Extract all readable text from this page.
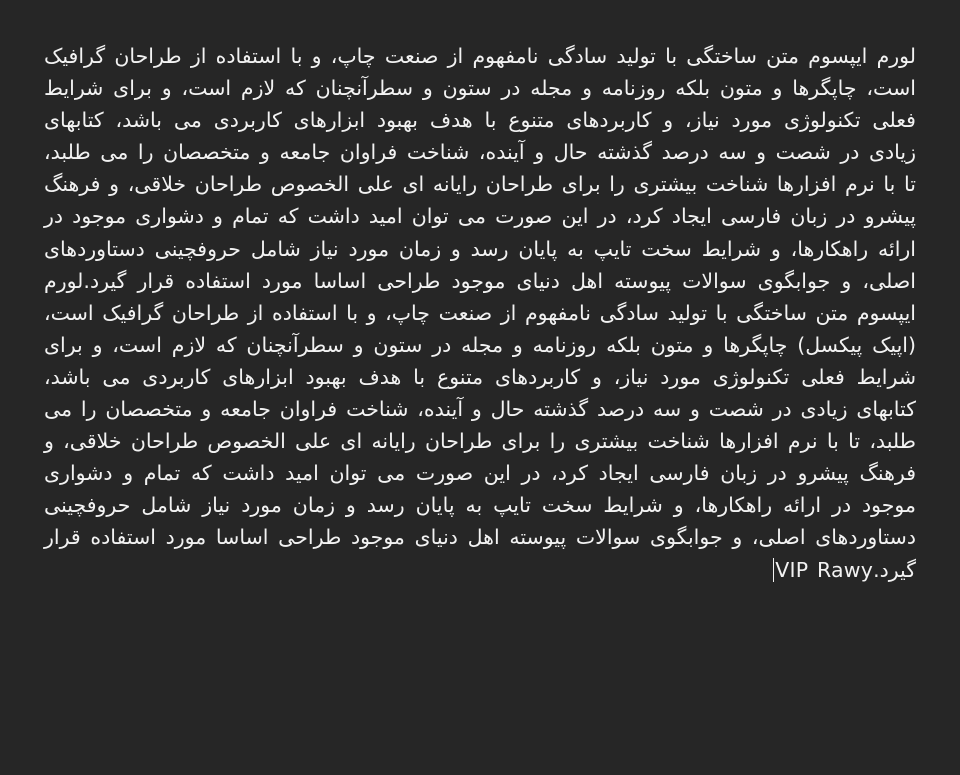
لورم ایپسوم متن ساختگی با تولید سادگی نامفهوم از صنعت چاپ، و با استفاده از طراحان گرافیک است، چاپگرها و متون بلکه روزنامه و مجله در ستون و سطرآنچنان که لازم است، و برای شرایط فعلی تکنولوژی مورد نیاز، و کاربردهای متنوع با هدف بهبود ابزارهای کاربردی می باشد، کتابهای زیادی در شصت و سه درصد گذشته حال و آینده، شناخت فراوان جامعه و متخصصان را می طلبد، تا با نرم افزارها شناخت بیشتری را برای طراحان رایانه ای علی الخصوص طراحان خلاقی، و فرهنگ پیشرو در زبان فارسی ایجاد کرد، در این صورت می توان امید داشت که تمام و دشواری موجود در ارائه راهکارها، و شرایط سخت تایپ به پایان رسد و زمان مورد نیاز شامل حروفچینی دستاوردهای اصلی، و جوابگوی سوالات پیوسته اهل دنیای موجود طراحی اساسا مورد استفاده قرار گیرد.لورم ایپسوم متن ساختگی با تولید سادگی نامفهوم از صنعت چاپ، و با استفاده از طراحان گرافیک است، (اپیک پیکسل) چاپگرها و متون بلکه روزنامه و مجله در ستون و سطرآنچنان که لازم است، و برای شرایط فعلی تکنولوژی مورد نیاز، و کاربردهای متنوع با هدف بهبود ابزارهای کاربردی می باشد، کتابهای زیادی در شصت و سه درصد گذشته حال و آینده، شناخت فراوان جامعه و متخصصان را می طلبد، تا با نرم افزارها شناخت بیشتری را برای طراحان رایانه ای علی الخصوص طراحان خلاقی، و فرهنگ پیشرو در زبان فارسی ایجاد کرد، در این صورت می توان امید داشت که تمام و دشواری موجود در ارائه راهکارها، و شرایط سخت تایپ به پایان رسد و زمان مورد نیاز شامل حروفچینی دستاوردهای اصلی، و جوابگوی سوالات پیوسته اهل دنیای موجود طراحی اساسا مورد استفاده قرار گیرد.VIP Rawy
